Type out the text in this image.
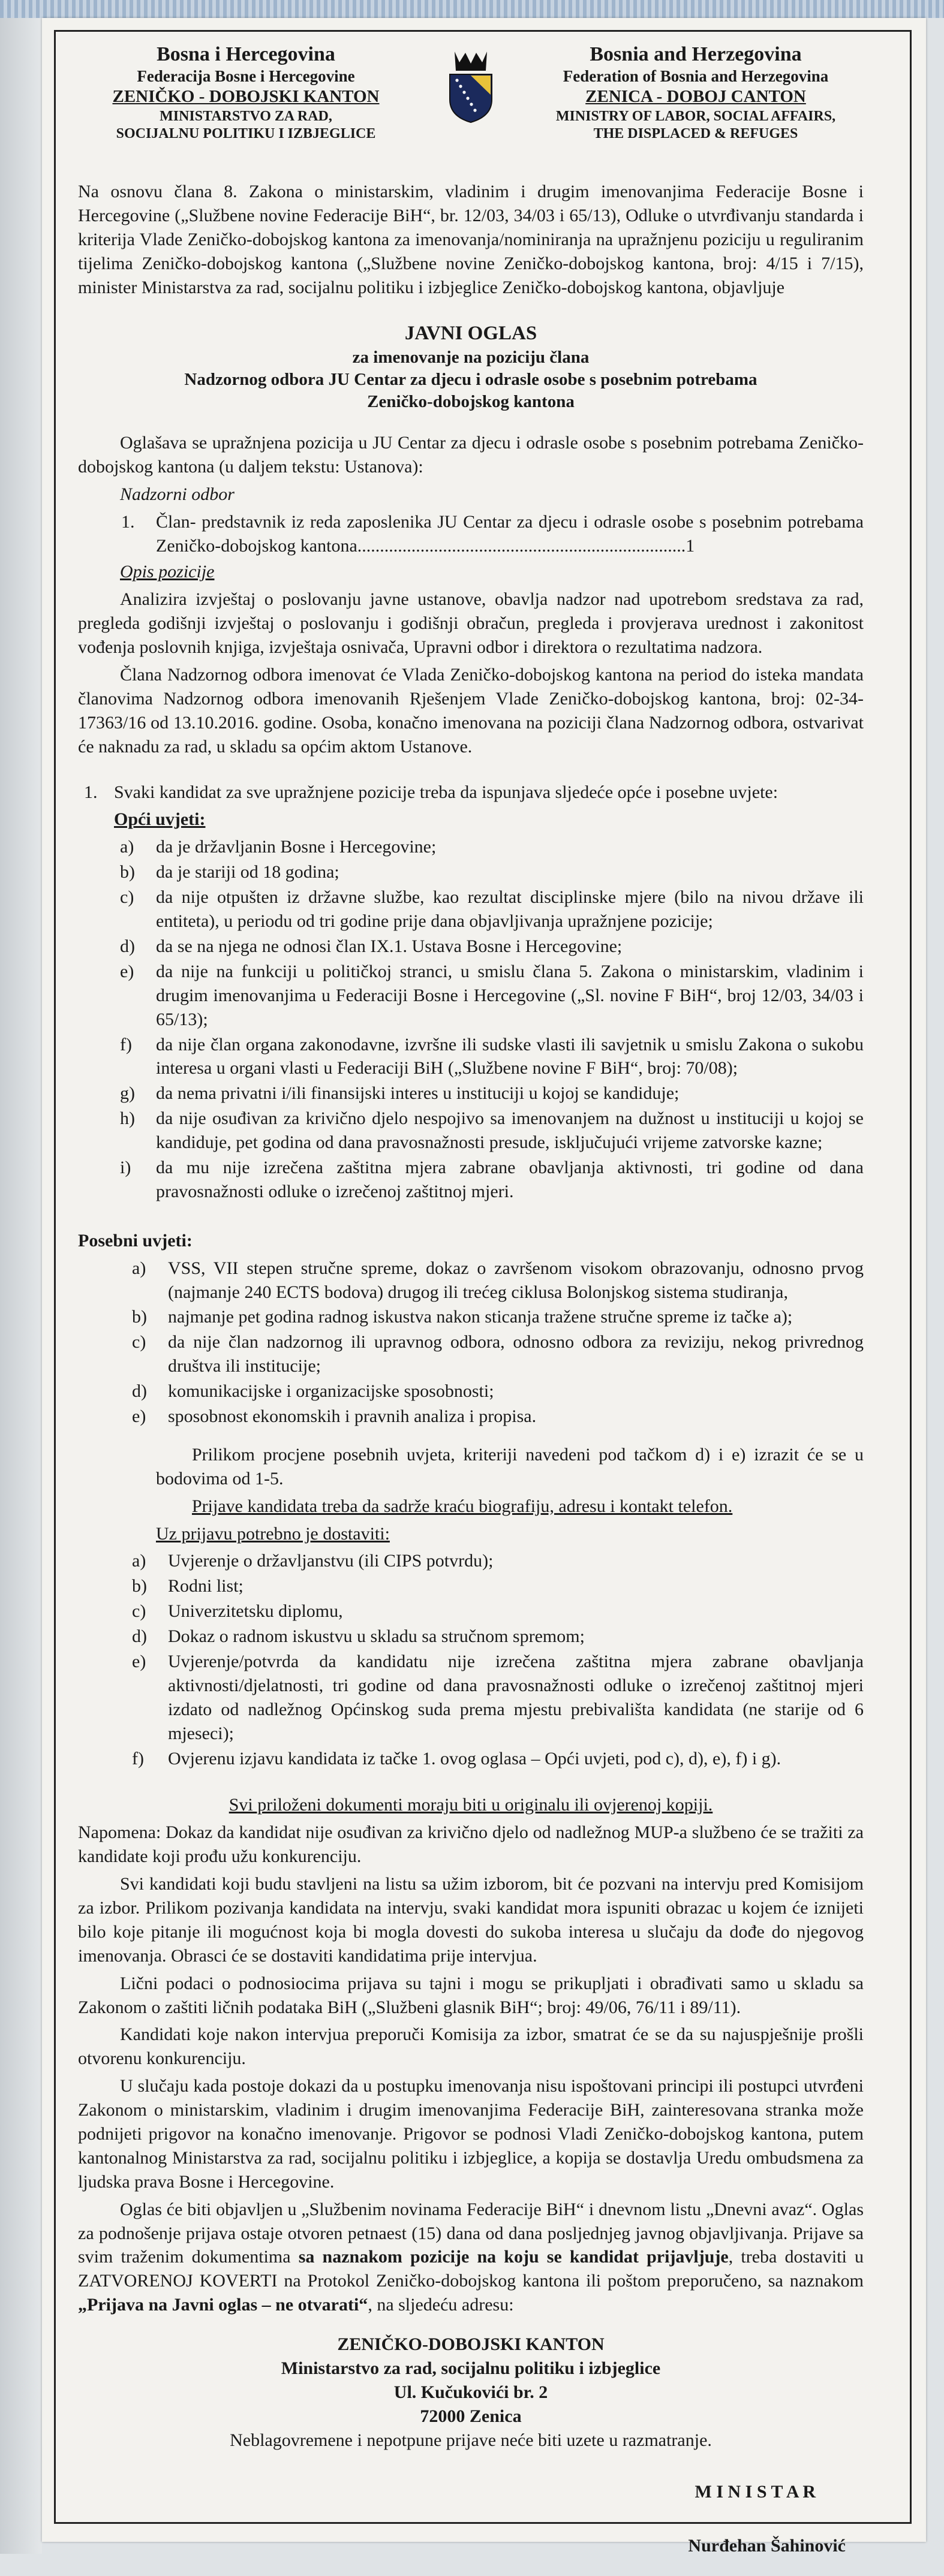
Bosna i Hercegovina
Federacija Bosne i Hercegovine
ZENIČKO - DOBOJSKI KANTON
MINISTARSTVO ZA RAD,
SOCIJALNU POLITIKU I IZBJEGLICE
Bosnia and Herzegovina
Federation of Bosnia and Herzegovina
ZENICA - DOBOJ CANTON
MINISTRY OF LABOR, SOCIAL AFFAIRS,
THE DISPLACED & REFUGES

Na osnovu člana 8. Zakona o ministarskim, vladinim i drugim imenovanjima Federacije Bosne i Hercegovine („Službene novine Federacije BiH“, br. 12/03, 34/03 i 65/13), Odluke o utvrđivanju standarda i kriterija Vlade Zeničko-dobojskog kantona za imenovanja/nominiranja na upražnjenu poziciju u reguliranim tijelima Zeničko-dobojskog kantona („Službene novine Zeničko-dobojskog kantona, broj: 4/15 i 7/15), minister Ministarstva za rad, socijalnu politiku i izbjeglice Zeničko-dobojskog kantona, objavljuje

JAVNI OGLAS
za imenovanje na poziciju člana
Nadzornog odbora JU Centar za djecu i odrasle osobe s posebnim potrebama
Zeničko-dobojskog kantona

Oglašava se upražnjena pozicija u JU Centar za djecu i odrasle osobe s posebnim potrebama Zeničko-dobojskog kantona (u daljem tekstu: Ustanova):

Nadzorni odbor

1. Član- predstavnik iz reda zaposlenika JU Centar za djecu i odrasle osobe s posebnim potrebama Zeničko-dobojskog kantona.........................................................................1

Opis pozicije

Analizira izvještaj o poslovanju javne ustanove, obavlja nadzor nad upotrebom sredstava za rad, pregleda godišnji izvještaj o poslovanju i godišnji obračun, pregleda i provjerava urednost i zakonitost vođenja poslovnih knjiga, izvještaja osnivača, Upravni odbor i direktora o rezultatima nadzora.

Člana Nadzornog odbora imenovat će Vlada Zeničko-dobojskog kantona na period do isteka mandata članovima Nadzornog odbora imenovanih Rješenjem Vlade Zeničko-dobojskog kantona, broj: 02-34-17363/16 od 13.10.2016. godine. Osoba, konačno imenovana na poziciji člana Nadzornog odbora, ostvarivat će naknadu za rad, u skladu sa općim aktom Ustanove.

1. Svaki kandidat za sve upražnjene pozicije treba da ispunjava sljedeće opće i posebne uvjete:

Opći uvjeti:

a) da je državljanin Bosne i Hercegovine;
b) da je stariji od 18 godina;
c) da nije otpušten iz državne službe, kao rezultat disciplinske mjere (bilo na nivou države ili entiteta), u periodu od tri godine prije dana objavljivanja upražnjene pozicije;
d) da se na njega ne odnosi član IX.1. Ustava Bosne i Hercegovine;
e) da nije na funkciji u političkoj stranci, u smislu člana 5. Zakona o ministarskim, vladinim i drugim imenovanjima u Federaciji Bosne i Hercegovine („Sl. novine F BiH“, broj 12/03, 34/03 i 65/13);
f) da nije član organa zakonodavne, izvršne ili sudske vlasti ili savjetnik u smislu Zakona o sukobu interesa u organi vlasti u Federaciji BiH („Službene novine F BiH“, broj: 70/08);
g) da nema privatni i/ili finansijski interes u instituciji u kojoj se kandiduje;
h) da nije osuđivan za krivično djelo nespojivo sa imenovanjem na dužnost u instituciji u kojoj se kandiduje, pet godina od dana pravosnažnosti presude, isključujući vrijeme zatvorske kazne;
i) da mu nije izrečena zaštitna mjera zabrane obavljanja aktivnosti, tri godine od dana pravosnažnosti odluke o izrečenoj zaštitnoj mjeri.

Posebni uvjeti:

a) VSS, VII stepen stručne spreme, dokaz o završenom visokom obrazovanju, odnosno prvog (najmanje 240 ECTS bodova) drugog ili trećeg ciklusa Bolonjskog sistema studiranja,
b) najmanje pet godina radnog iskustva nakon sticanja tražene stručne spreme iz tačke a);
c) da nije član nadzornog ili upravnog odbora, odnosno odbora za reviziju, nekog privrednog društva ili institucije;
d) komunikacijske i organizacijske sposobnosti;
e) sposobnost ekonomskih i pravnih analiza i propisa.

Prilikom procjene posebnih uvjeta, kriteriji navedeni pod tačkom d) i e) izrazit će se u bodovima od 1-5.

Prijave kandidata treba da sadrže kraću biografiju, adresu i kontakt telefon.

Uz prijavu potrebno je dostaviti:

a) Uvjerenje o državljanstvu (ili CIPS potvrdu);
b) Rodni list;
c) Univerzitetsku diplomu,
d) Dokaz o radnom iskustvu u skladu sa stručnom spremom;
e) Uvjerenje/potvrda da kandidatu nije izrečena zaštitna mjera zabrane obavljanja aktivnosti/djelatnosti, tri godine od dana pravosnažnosti odluke o izrečenoj zaštitnoj mjeri izdato od nadležnog Općinskog suda prema mjestu prebivališta kandidata (ne starije od 6 mjeseci);
f) Ovjerenu izjavu kandidata iz tačke 1. ovog oglasa – Opći uvjeti, pod c), d), e), f) i g).

Svi priloženi dokumenti moraju biti u originalu ili ovjerenoj kopiji.

Napomena: Dokaz da kandidat nije osuđivan za krivično djelo od nadležnog MUP-a službeno će se tražiti za kandidate koji prođu užu konkurenciju.

Svi kandidati koji budu stavljeni na listu sa užim izborom, bit će pozvani na intervju pred Komisijom za izbor. Prilikom pozivanja kandidata na intervju, svaki kandidat mora ispuniti obrazac u kojem će iznijeti bilo koje pitanje ili mogućnost koja bi mogla dovesti do sukoba interesa u slučaju da dođe do njegovog imenovanja. Obrasci će se dostaviti kandidatima prije intervjua.

Lični podaci o podnosiocima prijava su tajni i mogu se prikupljati i obrađivati samo u skladu sa Zakonom o zaštiti ličnih podataka BiH („Službeni glasnik BiH“; broj: 49/06, 76/11 i 89/11).

Kandidati koje nakon intervjua preporuči Komisija za izbor, smatrat će se da su najuspješnije prošli otvorenu konkurenciju.

U slučaju kada postoje dokazi da u postupku imenovanja nisu ispoštovani principi ili postupci utvrđeni Zakonom o ministarskim, vladinim i drugim imenovanjima Federacije BiH, zainteresovana stranka može podnijeti prigovor na konačno imenovanje. Prigovor se podnosi Vladi Zeničko-dobojskog kantona, putem kantonalnog Ministarstva za rad, socijalnu politiku i izbjeglice, a kopija se dostavlja Uredu ombudsmena za ljudska prava Bosne i Hercegovine.

Oglas će biti objavljen u „Službenim novinama Federacije BiH“ i dnevnom listu „Dnevni avaz“. Oglas za podnošenje prijava ostaje otvoren petnaest (15) dana od dana posljednjeg javnog objavljivanja. Prijave sa svim traženim dokumentima sa naznakom pozicije na koju se kandidat prijavljuje, treba dostaviti u ZATVORENOJ KOVERTI na Protokol Zeničko-dobojskog kantona ili poštom preporučeno, sa naznakom „Prijava na Javni oglas – ne otvarati“, na sljedeću adresu:

ZENIČKO-DOBOJSKI KANTON
Ministarstvo za rad, socijalnu politiku i izbjeglice
Ul. Kučukovići br. 2
72000 Zenica

Neblagovremene i nepotpune prijave neće biti uzete u razmatranje.

M I N I S T A R
Nurđehan Šahinović
